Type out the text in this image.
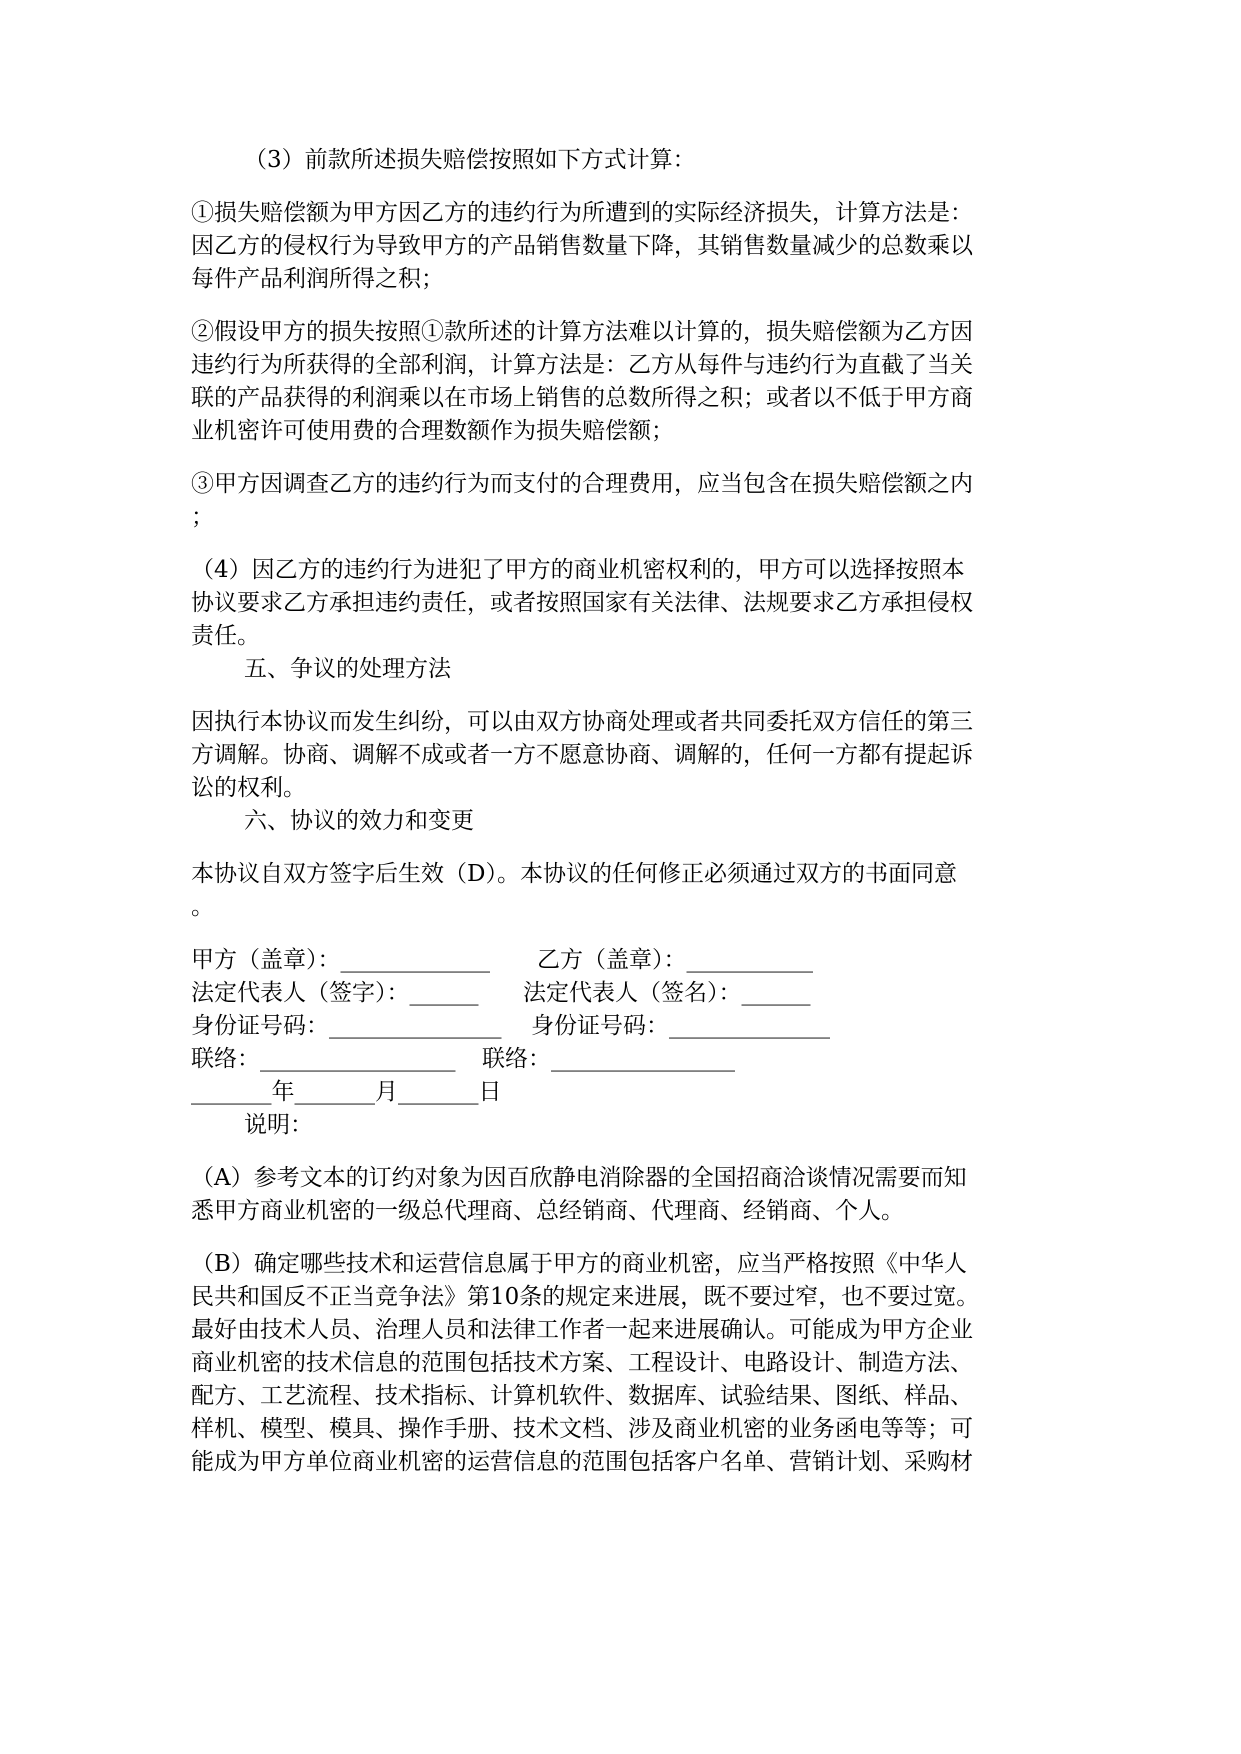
（3）前款所述损失赔偿按照如下方式计算：
①损失赔偿额为甲方因乙方的违约行为所遭到的实际经济损失，计算方法是：
因乙方的侵权行为导致甲方的产品销售数量下降，其销售数量减少的总数乘以
每件产品利润所得之积；
②假设甲方的损失按照①款所述的计算方法难以计算的，损失赔偿额为乙方因
违约行为所获得的全部利润，计算方法是：乙方从每件与违约行为直截了当关
联的产品获得的利润乘以在市场上销售的总数所得之积；或者以不低于甲方商
业机密许可使用费的合理数额作为损失赔偿额；
③甲方因调查乙方的违约行为而支付的合理费用，应当包含在损失赔偿额之内
；
（4）因乙方的违约行为进犯了甲方的商业机密权利的，甲方可以选择按照本
协议要求乙方承担违约责任，或者按照国家有关法律、法规要求乙方承担侵权
责任。
五、争议的处理方法
因执行本协议而发生纠纷，可以由双方协商处理或者共同委托双方信任的第三
方调解。协商、调解不成或者一方不愿意协商、调解的，任何一方都有提起诉
讼的权利。
六、协议的效力和变更
本协议自双方签字后生效（D）。本协议的任何修正必须通过双方的书面同意
。
甲方（盖章）：_____________ 乙方（盖章）：___________
法定代表人（签字）：______ 法定代表人（签名）：______
身份证号码：_______________ 身份证号码：______________
联络：_________________ 联络：________________
_______年_______月_______日
说明：
（A）参考文本的订约对象为因百欣静电消除器的全国招商洽谈情况需要而知
悉甲方商业机密的一级总代理商、总经销商、代理商、经销商、个人。
（B）确定哪些技术和运营信息属于甲方的商业机密，应当严格按照《中华人
民共和国反不正当竞争法》第10条的规定来进展，既不要过窄，也不要过宽。
最好由技术人员、治理人员和法律工作者一起来进展确认。可能成为甲方企业
商业机密的技术信息的范围包括技术方案、工程设计、电路设计、制造方法、
配方、工艺流程、技术指标、计算机软件、数据库、试验结果、图纸、样品、
样机、模型、模具、操作手册、技术文档、涉及商业机密的业务函电等等；可
能成为甲方单位商业机密的运营信息的范围包括客户名单、营销计划、采购材
